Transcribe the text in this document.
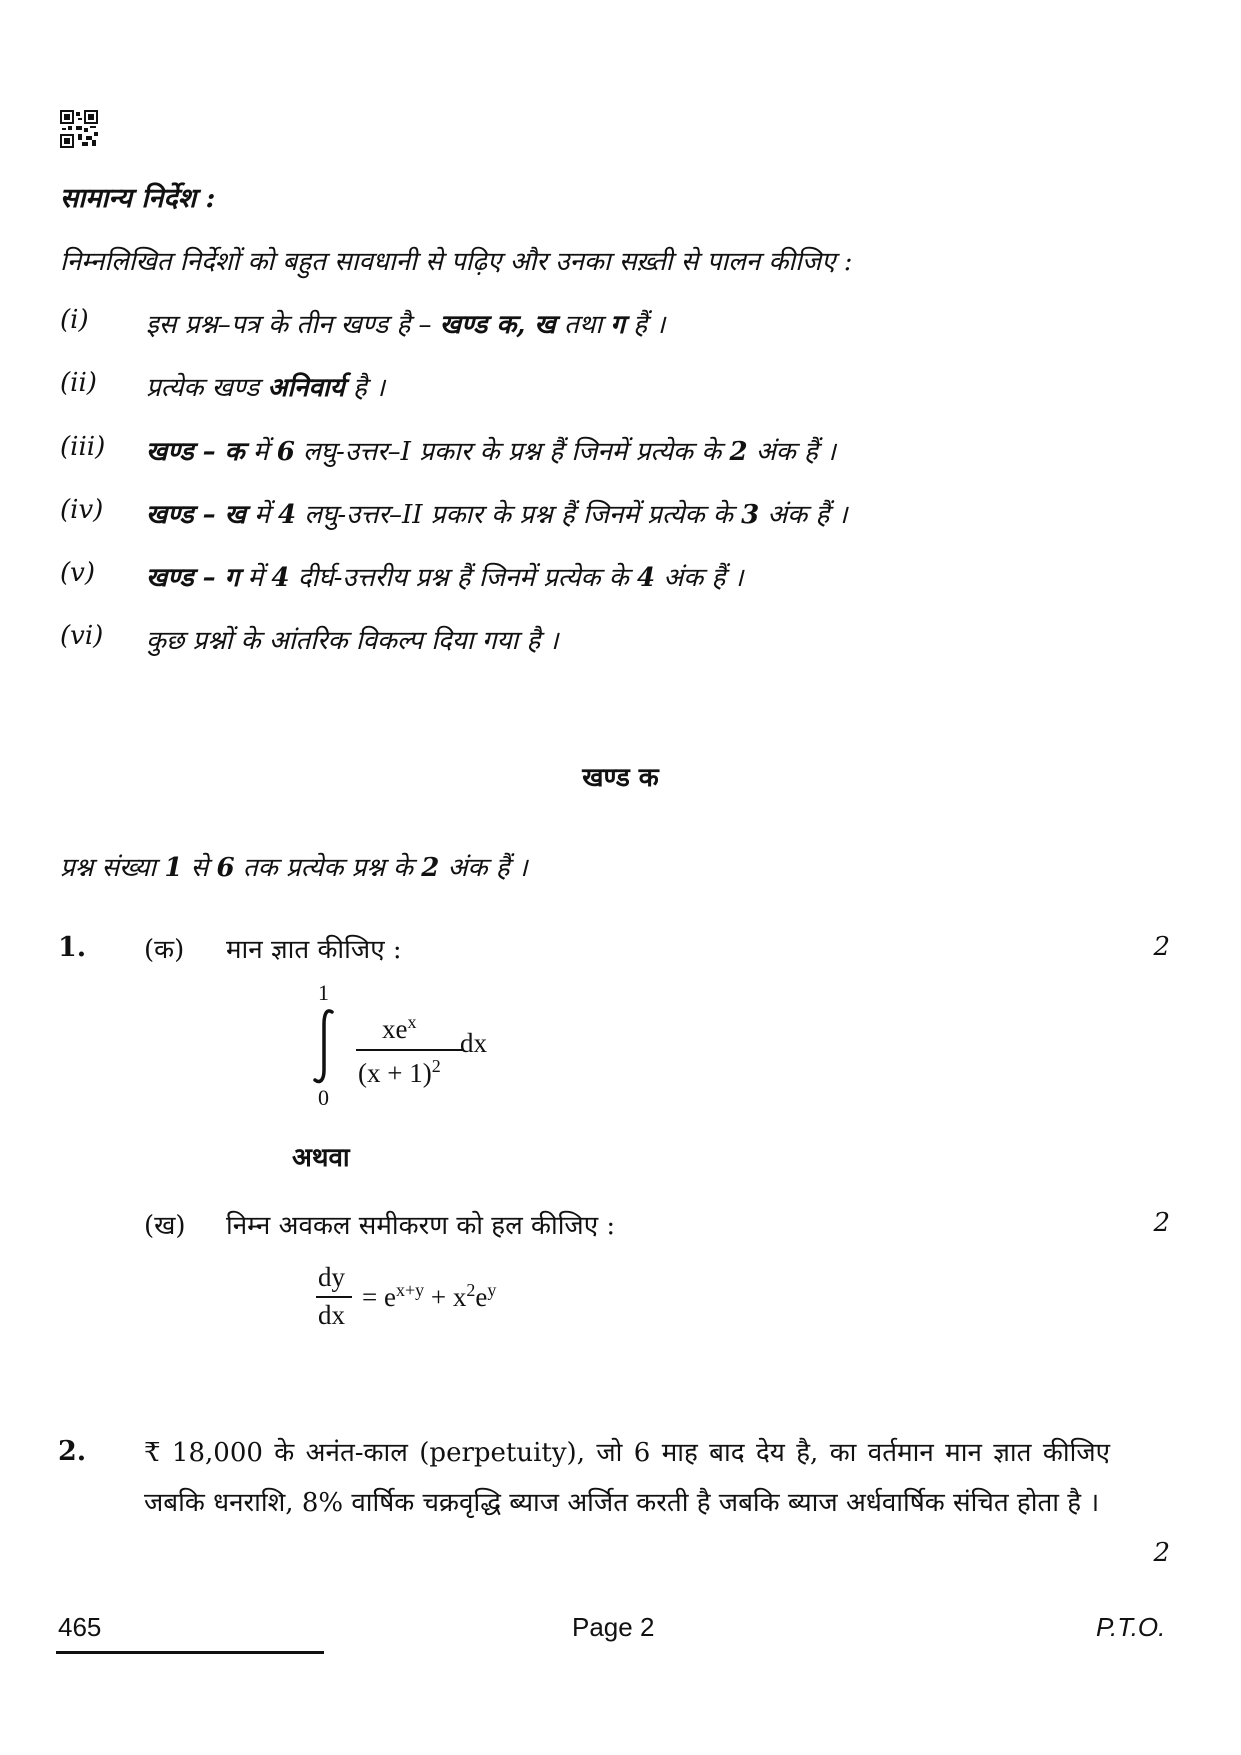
सामान्य निर्देश :
निम्नलिखित निर्देशों को बहुत सावधानी से पढ़िए और उनका सख़्ती से पालन कीजिए :
(i) इस प्रश्न–पत्र के तीन खण्ड है – खण्ड क, ख तथा ग हैं ।
(ii) प्रत्येक खण्ड अनिवार्य है ।
(iii) खण्ड – क में 6 लघु-उत्तर–I प्रकार के प्रश्न हैं जिनमें प्रत्येक के 2 अंक हैं ।
(iv) खण्ड – ख में 4 लघु-उत्तर–II प्रकार के प्रश्न हैं जिनमें प्रत्येक के 3 अंक हैं ।
(v) खण्ड – ग में 4 दीर्घ-उत्तरीय प्रश्न हैं जिनमें प्रत्येक के 4 अंक हैं ।
(vi) कुछ प्रश्नों के आंतरिक विकल्प दिया गया है ।
खण्ड क
प्रश्न संख्या 1 से 6 तक प्रत्येक प्रश्न के 2 अंक हैं ।
1. (क) मान ज्ञात कीजिए :	2
1
0
$xe^x$
$(x + 1)^2$
dx
अथवा
(ख) निम्न अवकल समीकरण को हल कीजिए :	2
dy
dx
= $e^{x+y} + x^2e^y$
2. ₹ 18,000 के अनंत-काल (perpetuity), जो 6 माह बाद देय है, का वर्तमान मान ज्ञात कीजिए जबकि धनराशि, 8% वार्षिक चक्रवृद्धि ब्याज अर्जित करती है जबकि ब्याज अर्धवार्षिक संचित होता है ।
2
465	Page 2	P.T.O.
